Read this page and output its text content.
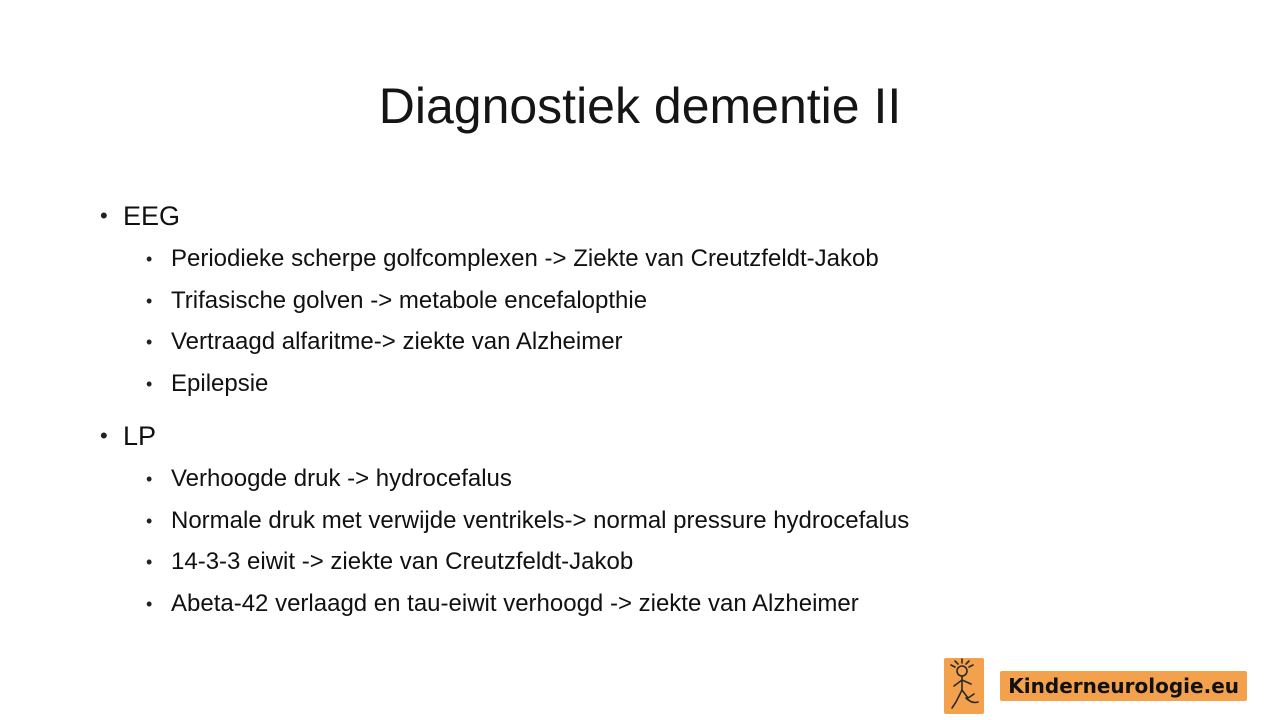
Diagnostiek dementie II
• EEG
• Periodieke scherpe golfcomplexen -> Ziekte van Creutzfeldt-Jakob
• Trifasische golven -> metabole encefalopthie
• Vertraagd alfaritme-> ziekte van Alzheimer
• Epilepsie
• LP
• Verhoogde druk -> hydrocefalus
• Normale druk met verwijde ventrikels-> normal pressure hydrocefalus
• 14-3-3 eiwit -> ziekte van Creutzfeldt-Jakob
• Abeta-42 verlaagd en tau-eiwit verhoogd -> ziekte van Alzheimer
Kinderneurologie.eu
